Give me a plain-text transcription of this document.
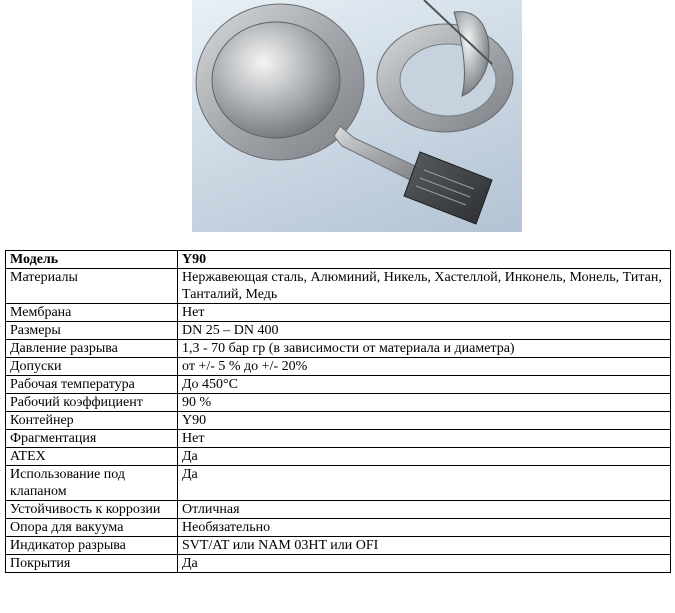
Модель	Y90
Материалы	Нержавеющая сталь, Алюминий, Никель, Хастеллой, Инконель, Монель, Титан, Танталий, Медь
Мембрана	Нет
Размеры	DN 25 – DN 400
Давление разрыва	1,3 - 70 бар гр (в зависимости от материала и диаметра)
Допуски	от +/- 5 % до +/- 20%
Рабочая температура	До 450°C
Рабочий коэффициент	90 %
Контейнер	Y90
Фрагментация	Нет
ATEX	Да
Использование под клапаном	Да
Устойчивость к коррозии	Отличная
Опора для вакуума	Необязательно
Индикатор разрыва	SVT/AT или NAM 03HT или OFI
Покрытия	Да
